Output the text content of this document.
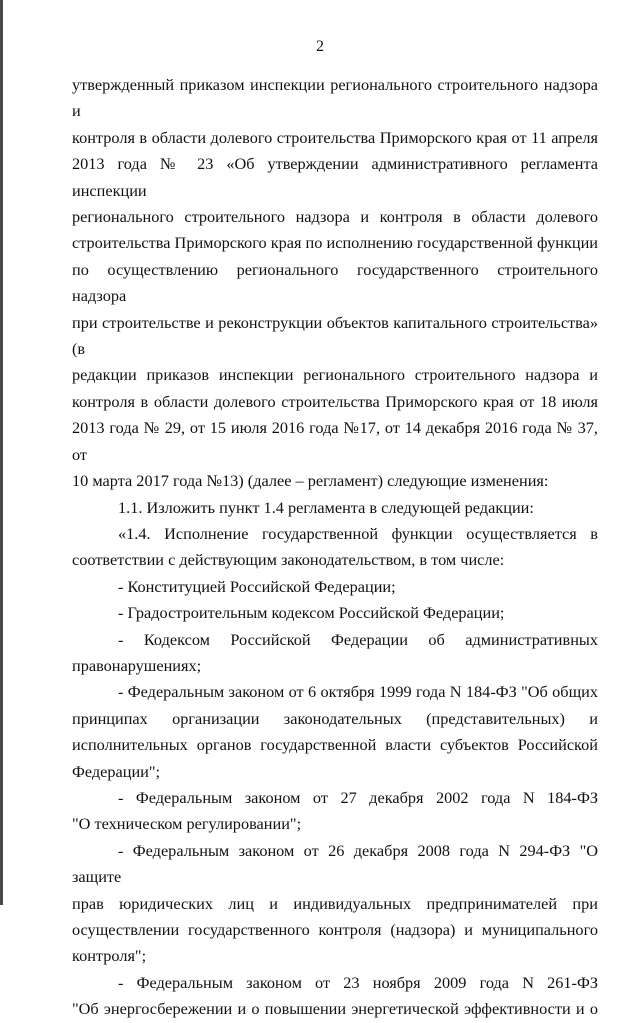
2

утвержденный приказом инспекции регионального строительного надзора и

контроля в области долевого строительства Приморского края от 11 апреля

2013 года № 23 «Об утверждении административного регламента инспекции

регионального строительного надзора и контроля в области долевого

строительства Приморского края по исполнению государственной функции

по осуществлению регионального государственного строительного надзора

при строительстве и реконструкции объектов капитального строительства» (в

редакции приказов инспекции регионального строительного надзора и

контроля в области долевого строительства Приморского края от 18 июля

2013 года № 29, от 15 июля 2016 года №17, от 14 декабря 2016 года № 37, от

10 марта 2017 года №13) (далее – регламент) следующие изменения:

1.1. Изложить пункт 1.4 регламента в следующей редакции:

«1.4. Исполнение государственной функции осуществляется в

соответствии с действующим законодательством, в том числе:

- Конституцией Российской Федерации;

- Градостроительным кодексом Российской Федерации;

- Кодексом Российской Федерации об административных

правонарушениях;

- Федеральным законом от 6 октября 1999 года N 184-ФЗ "Об общих

принципах организации законодательных (представительных) и

исполнительных органов государственной власти субъектов Российской

Федерации";

- Федеральным законом от 27 декабря 2002 года N 184-ФЗ

"О техническом регулировании";

- Федеральным законом от 26 декабря 2008 года N 294-ФЗ "О защите

прав юридических лиц и индивидуальных предпринимателей при

осуществлении государственного контроля (надзора) и муниципального

контроля";

- Федеральным законом от 23 ноября 2009 года N 261-ФЗ

"Об энергосбережении и о повышении энергетической эффективности и о
